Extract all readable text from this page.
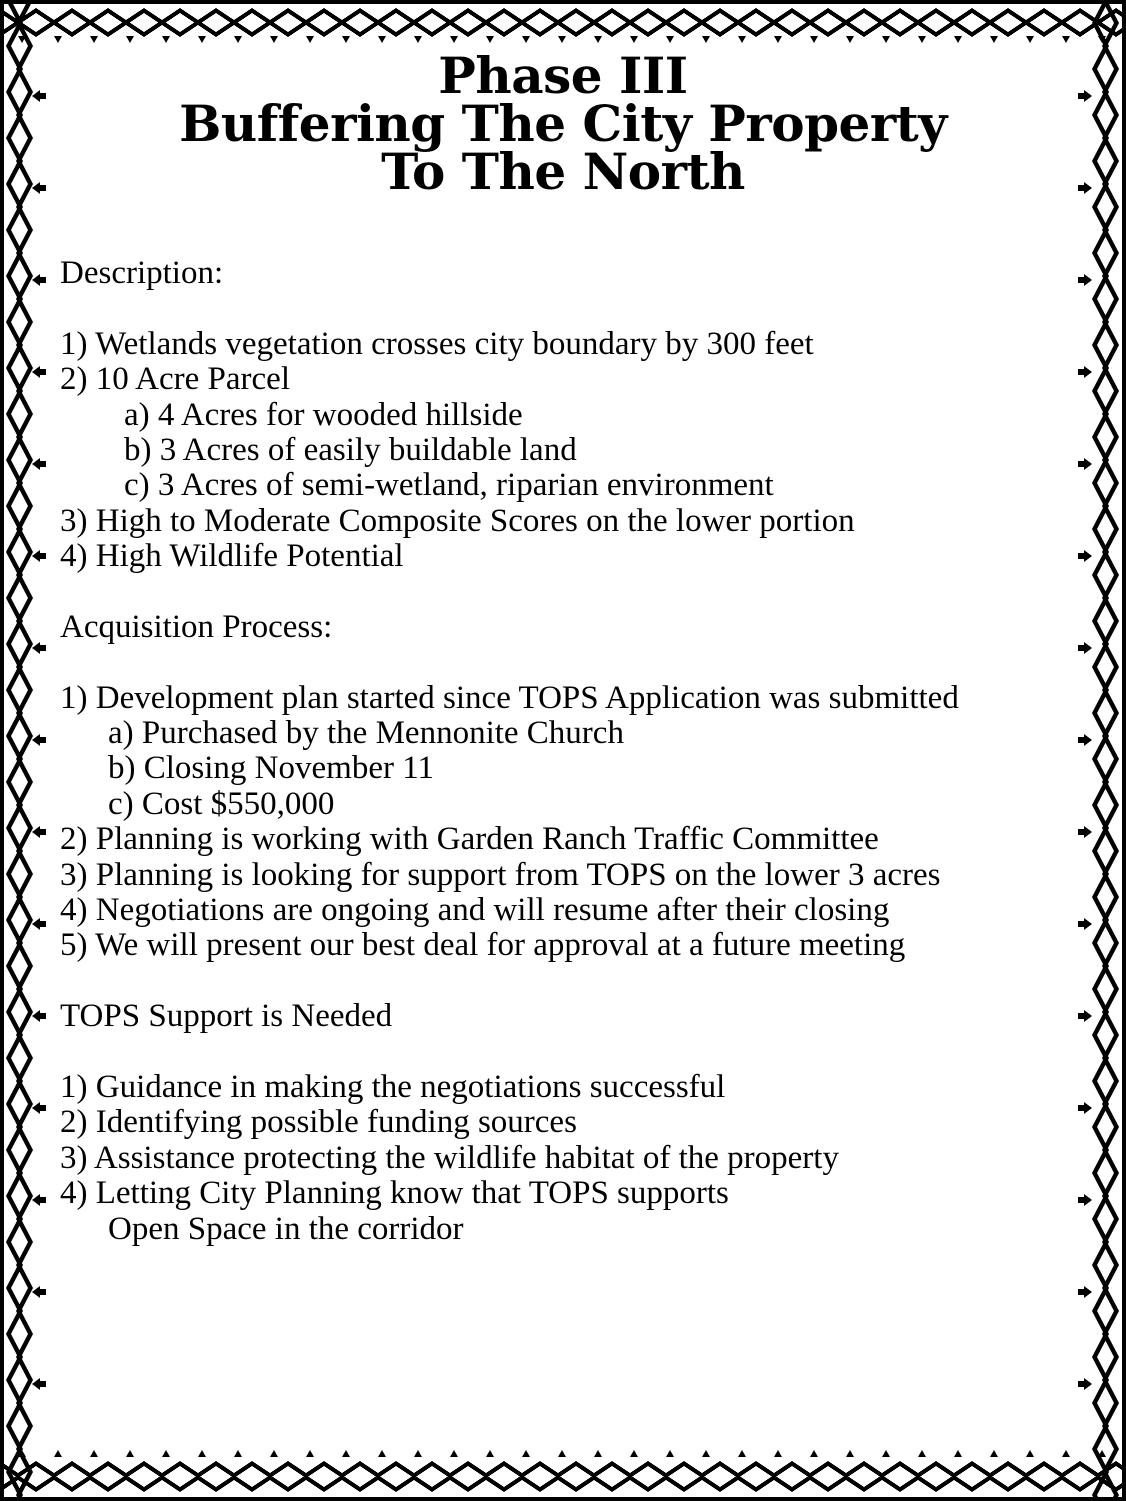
Phase III
Buffering The City Property
To The North
Description:
1) Wetlands vegetation crosses city boundary by 300 feet
2) 10 Acre Parcel
a) 4 Acres for wooded hillside
b) 3 Acres of easily buildable land
c) 3 Acres of semi-wetland, riparian environment
3) High to Moderate Composite Scores on the lower portion
4) High Wildlife Potential
Acquisition Process:
1) Development plan started since TOPS Application was submitted
a) Purchased by the Mennonite Church
b) Closing November 11
c) Cost $550,000
2) Planning is working with Garden Ranch Traffic Committee
3) Planning is looking for support from TOPS on the lower 3 acres
4) Negotiations are ongoing and will resume after their closing
5) We will present our best deal for approval at a future meeting
TOPS Support is Needed
1) Guidance in making the negotiations successful
2) Identifying possible funding sources
3) Assistance protecting the wildlife habitat of the property
4) Letting City Planning know that TOPS supports
Open Space in the corridor
